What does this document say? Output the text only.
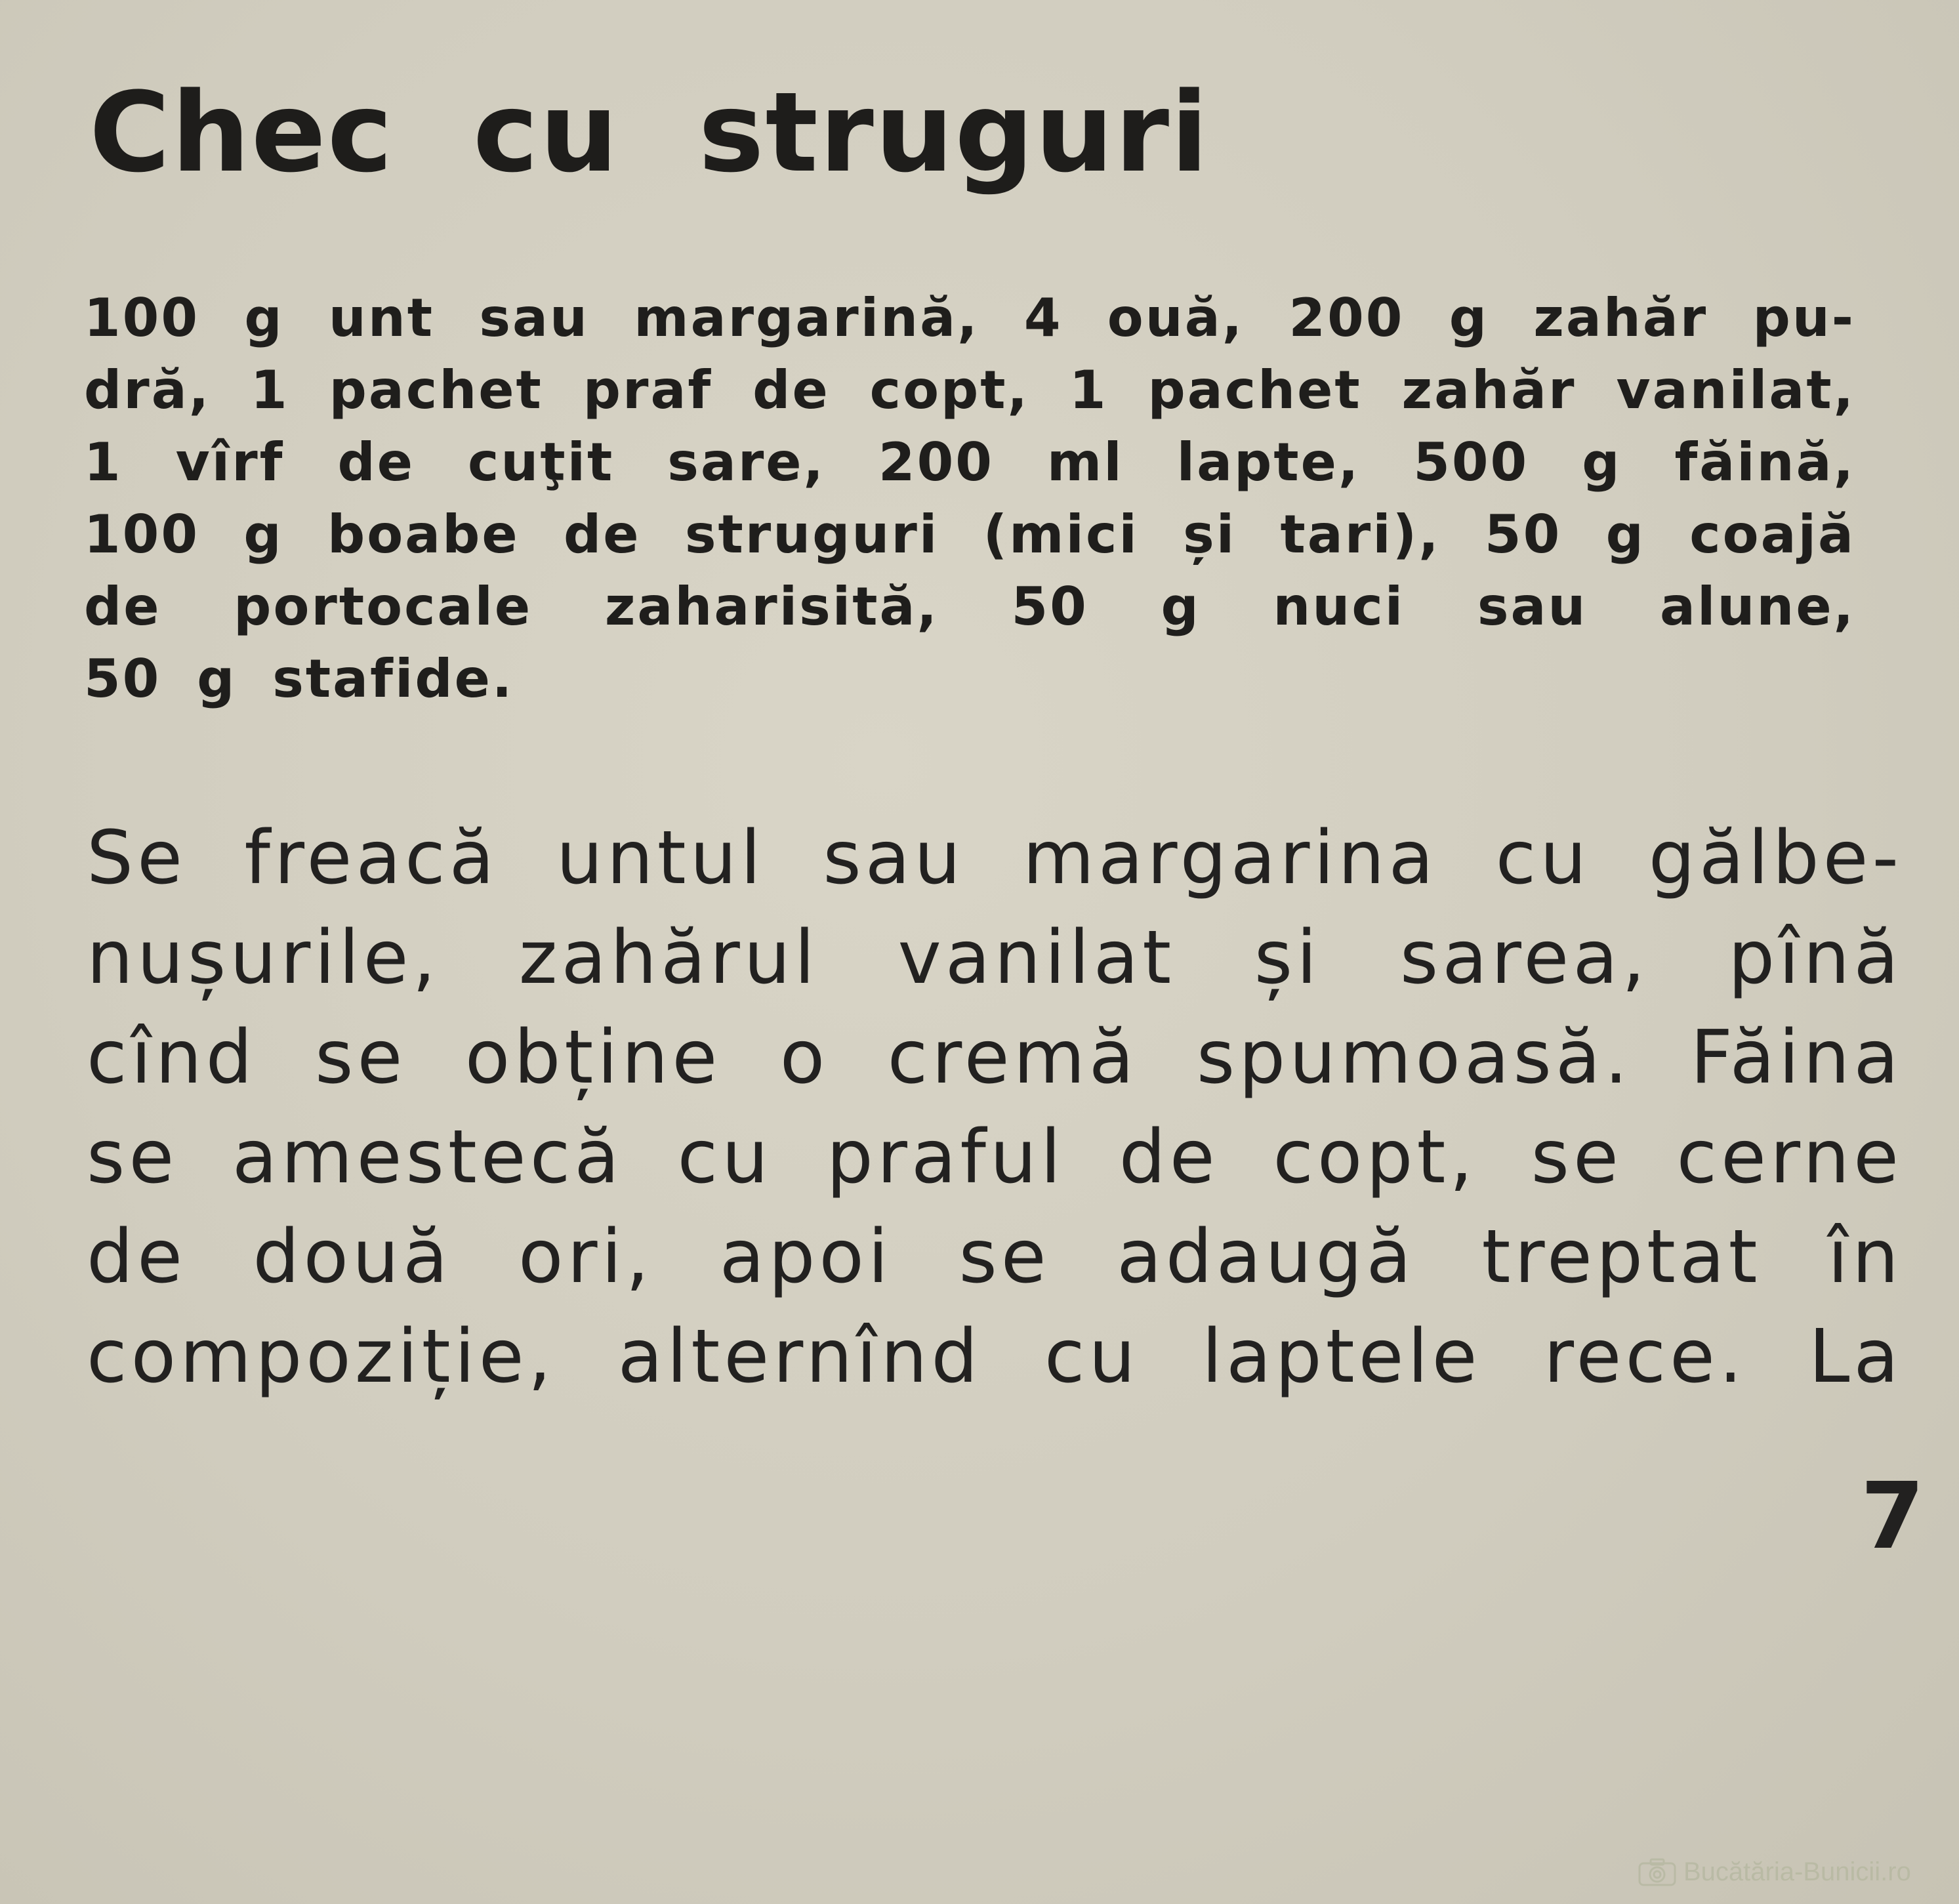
Chec cu struguri
100 g unt sau margarină, 4 ouă, 200 g zahăr pu-
dră, 1 pachet praf de copt, 1 pachet zahăr vanilat,
1 vîrf de cuţit sare, 200 ml lapte, 500 g făină,
100 g boabe de struguri (mici și tari), 50 g coajă
de portocale zaharisită, 50 g nuci sau alune,
50 g stafide.
Se freacă untul sau margarina cu gălbe-
nușurile, zahărul vanilat și sarea, pînă
cînd se obține o cremă spumoasă. Făina
se amestecă cu praful de copt, se cerne
de două ori, apoi se adaugă treptat în
compoziție, alternînd cu laptele rece. La
7
Bucătăria-Bunicii.ro
